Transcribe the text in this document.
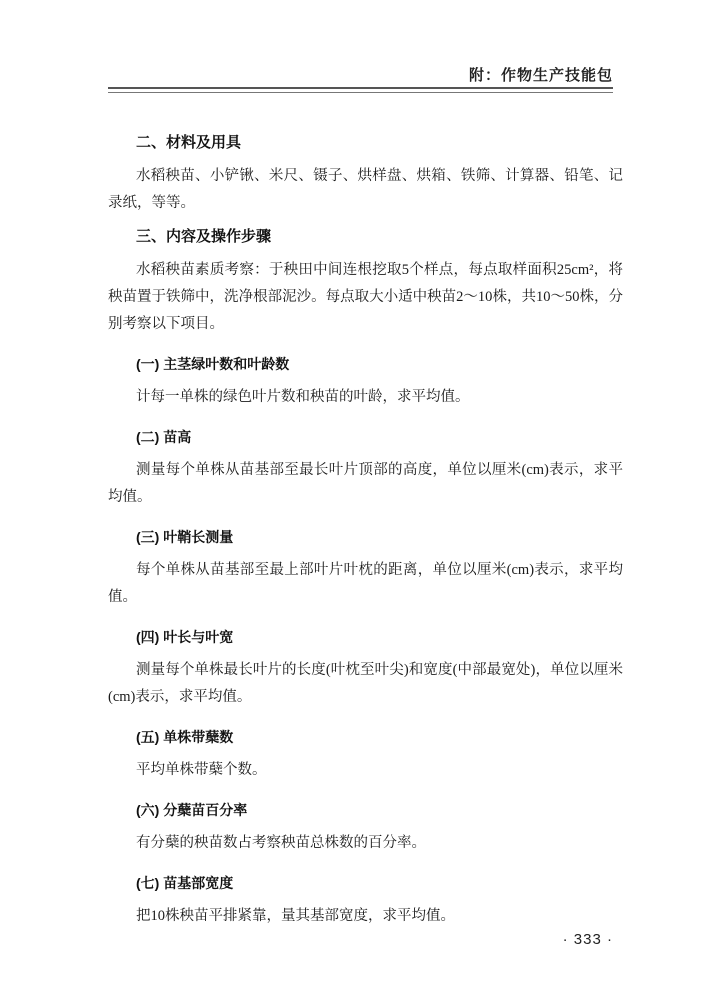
附：作物生产技能包
二、材料及用具

水稻秧苗、小铲锹、米尺、镊子、烘样盘、烘箱、铁筛、计算器、铅笔、记录纸，等等。

三、内容及操作步骤

水稻秧苗素质考察：于秧田中间连根挖取5个样点，每点取样面积25cm²，将秧苗置于铁筛中，洗净根部泥沙。每点取大小适中秧苗2～10株，共10～50株，分别考察以下项目。

(一) 主茎绿叶数和叶龄数

计每一单株的绿色叶片数和秧苗的叶龄，求平均值。

(二) 苗高

测量每个单株从苗基部至最长叶片顶部的高度，单位以厘米(cm)表示，求平均值。

(三) 叶鞘长测量

每个单株从苗基部至最上部叶片叶枕的距离，单位以厘米(cm)表示，求平均值。

(四) 叶长与叶宽

测量每个单株最长叶片的长度(叶枕至叶尖)和宽度(中部最宽处)，单位以厘米(cm)表示，求平均值。

(五) 单株带蘖数

平均单株带蘖个数。

(六) 分蘖苗百分率

有分蘖的秧苗数占考察秧苗总株数的百分率。

(七) 苗基部宽度

把10株秧苗平排紧靠，量其基部宽度，求平均值。

· 333 ·
